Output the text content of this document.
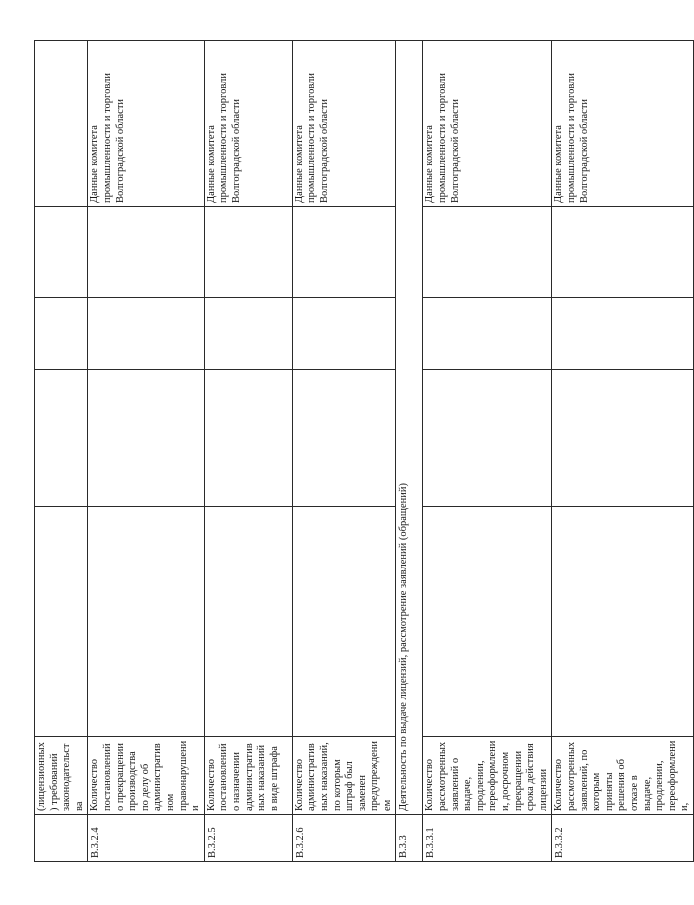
	(лицензионных) требований законодательства					
В.3.2.4	Количество постановлений о прекращении производства по делу об административном правонарушении					Данные комитета промышленности и торговли Волгоградской области
В.3.2.5	Количество постановлений о назначении административных наказаний в виде штрафа					Данные комитета промышленности и торговли Волгоградской области
В.3.2.6	Количество административных наказаний, по которым штраф был заменен предупреждением					Данные комитета промышленности и торговли Волгоградской области
В.3.3	Деятельность по выдаче лицензий, рассмотрение заявлений (обращений)					
В.3.3.1	Количество рассмотренных заявлений о выдаче, продлении, переоформлении, досрочном прекращении срока действия лицензии					Данные комитета промышленности и торговли Волгоградской области
В.3.3.2	Количество рассмотренных заявлений, по которым приняты решения об отказе в выдаче, продлении, переоформлении,					Данные комитета промышленности и торговли Волгоградской области
